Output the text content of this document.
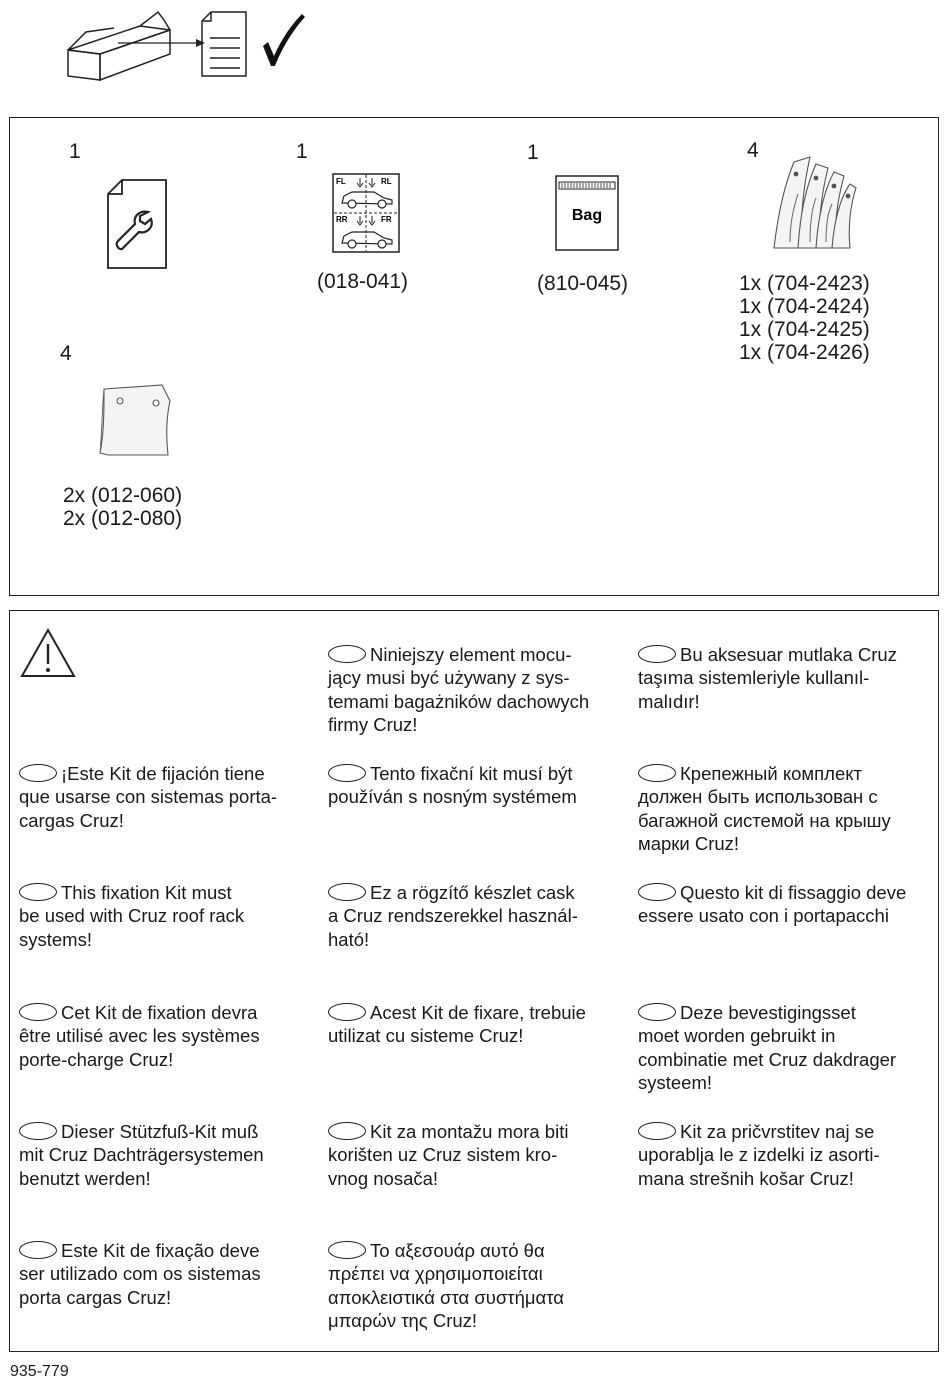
1	1
FL	RL
RR	FR
(018-041)
1
Bag
(810-045)
4
1x (704-2423)
1x (704-2424)
1x (704-2425)
1x (704-2426)
4
2x (012-060)
2x (012-080)
Niniejszy element mocu-
jący musi być używany z sys-
temami bagażników dachowych
firmy Cruz!
Bu aksesuar mutlaka Cruz
taşıma sistemleriyle kullanıl-
malıdır!
¡Este Kit de fijación tiene
que usarse con sistemas porta-
cargas Cruz!
Tento fixační kit musí být
používán s nosným systémem
Крепежный комплект
должен быть использован с
багажной системой на крышу
марки Cruz!
This fixation Kit must
be used with Cruz roof rack
systems!
Ez a rögzítő készlet cask
a Cruz rendszerekkel használ-
ható!
Questo kit di fissaggio deve
essere usato con i portapacchi
Cet Kit de fixation devra
être utilisé avec les systèmes
porte-charge Cruz!
Acest Kit de fixare, trebuie
utilizat cu sisteme Cruz!
Deze bevestigingsset
moet worden gebruikt in
combinatie met Cruz dakdrager
systeem!
Dieser Stützfuß-Kit muß
mit Cruz Dachträgersystemen
benutzt werden!
Kit za montažu mora biti
korišten uz Cruz sistem kro-
vnog nosača!
Kit za pričvrstitev naj se
uporablja le z izdelki iz asorti-
mana strešnih košar Cruz!
Este Kit de fixação deve
ser utilizado com os sistemas
porta cargas Cruz!
Το αξεσουάρ αυτό θα
πρέπει να χρησιμοποιείται
αποκλειστικά στα συστήματα
μπαρών της Cruz!
935-779
